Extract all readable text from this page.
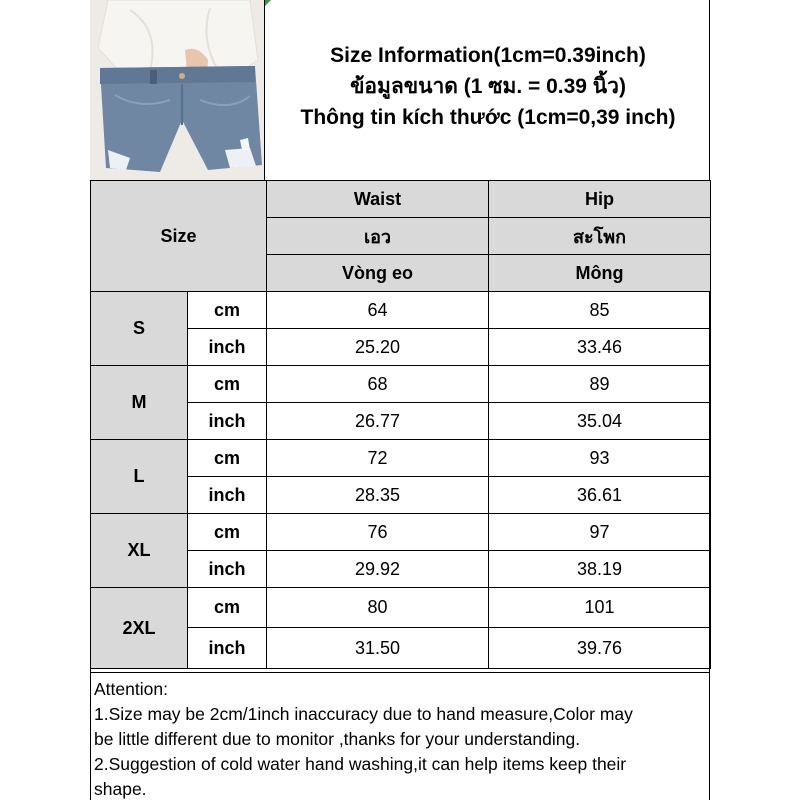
Size Information(1cm=0.39inch)
ข้อมูลขนาด (1 ซม. = 0.39 นิ้ว)
Thông tin kích thước (1cm=0,39 inch)
Size		Waist	Hip
		เอว	สะโพก
		Vòng eo	Mông
S	cm	64	85
	inch	25.20	33.46
M	cm	68	89
	inch	26.77	35.04
L	cm	72	93
	inch	28.35	36.61
XL	cm	76	97
	inch	29.92	38.19
2XL	cm	80	101
	inch	31.50	39.76
Attention:
1.Size may be 2cm/1inch inaccuracy due to hand measure,Color may
be little different due to monitor ,thanks for your understanding.
2.Suggestion of cold water hand washing,it can help items keep their
shape.
